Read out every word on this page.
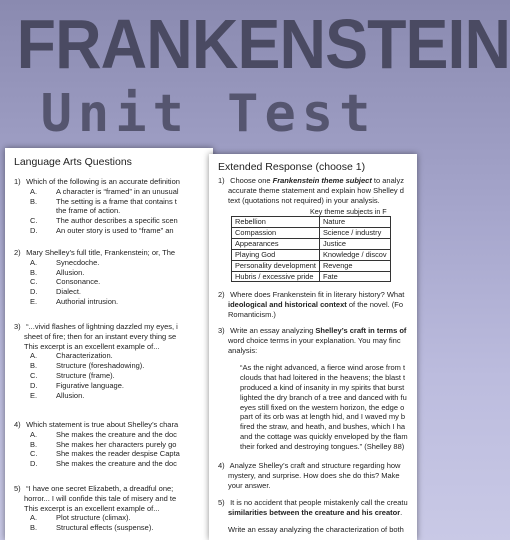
FRANKENSTEIN
Unit Test
Language Arts Questions
1) Which of the following is an accurate definition
A.	A character is “framed” in an unusual
B.	The setting is a frame that contains t
the frame of action.
C. The author describes a specific scen
D. An outer story is used to “frame” an
2) Mary Shelley’s full title, Frankenstein; or, The
A.	Synecdoche.
B.	Allusion.
C. Consonance.
D. Dialect.
E.	Authorial intrusion.
3) “...vivid flashes of lightning dazzled my eyes, i
sheet of fire; then for an instant every thing se
This excerpt is an excellent example of...
A.	Characterization.
B.	Structure (foreshadowing).
C. Structure (frame).
D. Figurative language.
E.	Allusion.
4) Which statement is true about Shelley’s chara
A.	She makes the creature and the doc
B.	She makes her characters purely go
C. She makes the reader despise Capta
D. She makes the creature and the doc
5) “I have one secret Elizabeth, a dreadful one;
horror... I will confide this tale of misery and te
This excerpt is an excellent example of...
A.	Plot structure (climax).
B.	Structural effects (suspense).
Extended Response (choose 1)
1) Choose one Frankenstein theme subject to analyz
accurate theme statement and explain how Shelley d
text (quotations not required) in your analysis.
Key theme subjects in F
Rebellion	Nature
Compassion	Science / industry
Appearances	Justice
Playing God	Knowledge / discov
Personality development	Revenge
Hubris / excessive pride	Fate
2) Where does Frankenstein fit in literary history? What
ideological and historical context of the novel. (Fo
Romanticism.)
3) Write an essay analyzing Shelley’s craft in terms of
word choice terms in your explanation. You may finc
analysis:
“As the night advanced, a fierce wind arose from t
clouds that had loitered in the heavens; the blast t
produced a kind of insanity in my spirits that burst
lighted the dry branch of a tree and danced with fu
eyes still fixed on the western horizon, the edge o
part of its orb was at length hid, and I waved my b
fired the straw, and heath, and bushes, which I ha
and the cottage was quickly enveloped by the flam
their forked and destroying tongues.” (Shelley 88)
4) Analyze Shelley’s craft and structure regarding how
mystery, and surprise. How does she do this? Make
your answer.
5) It is no accident that people mistakenly call the creatu
similarities between the creature and his creator.
Write an essay analyzing the characterization of both
